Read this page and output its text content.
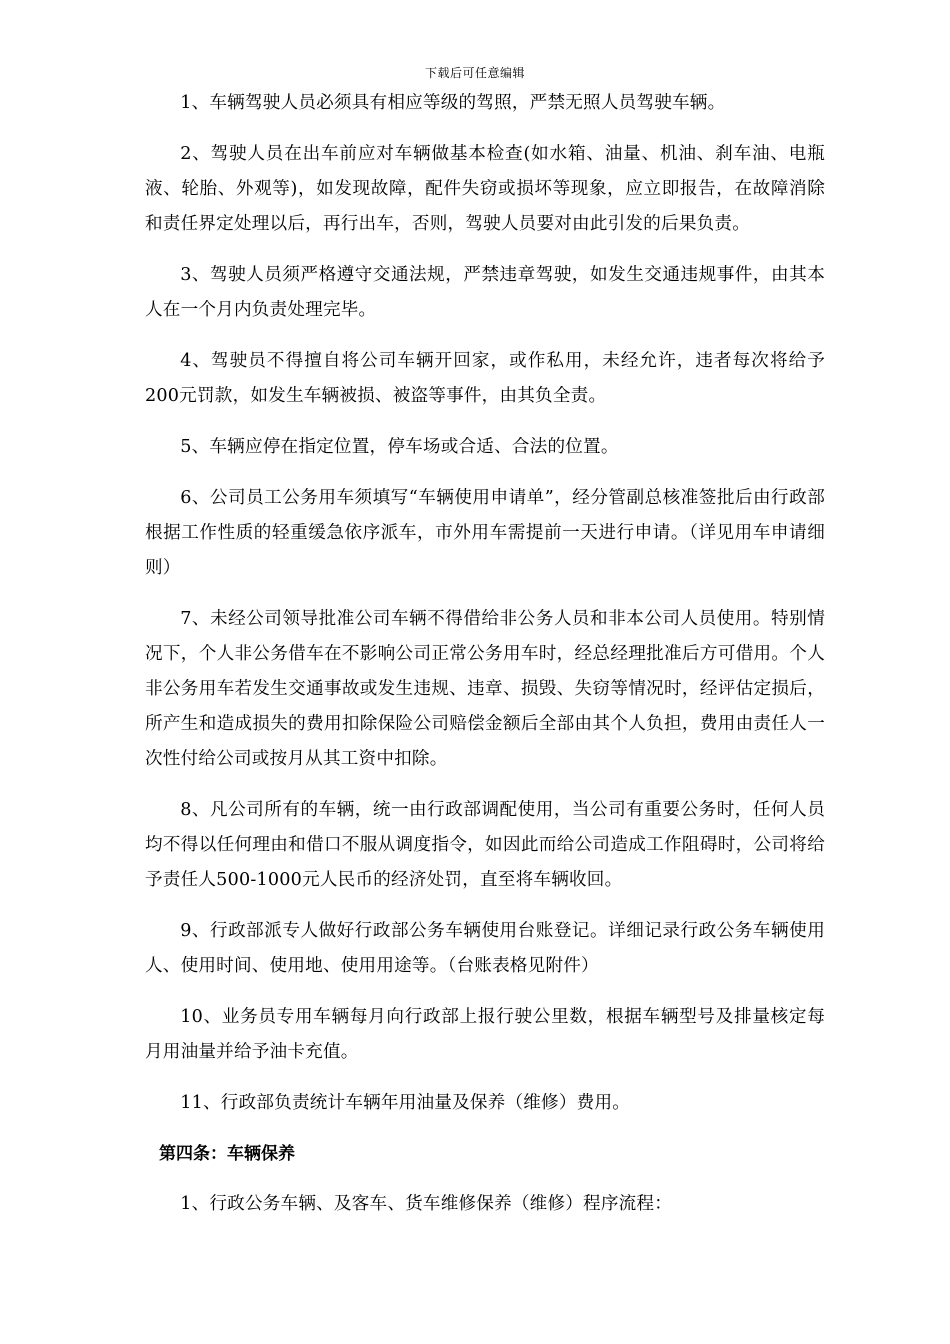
下载后可任意编辑

1、车辆驾驶人员必须具有相应等级的驾照，严禁无照人员驾驶车辆。

2、驾驶人员在出车前应对车辆做基本检查(如水箱、油量、机油、刹车油、电瓶液、轮胎、外观等)，如发现故障，配件失窃或损坏等现象，应立即报告，在故障消除和责任界定处理以后，再行出车，否则，驾驶人员要对由此引发的后果负责。

3、驾驶人员须严格遵守交通法规，严禁违章驾驶，如发生交通违规事件，由其本人在一个月内负责处理完毕。

4、驾驶员不得擅自将公司车辆开回家，或作私用，未经允许，违者每次将给予200元罚款，如发生车辆被损、被盗等事件，由其负全责。

5、车辆应停在指定位置，停车场或合适、合法的位置。

6、公司员工公务用车须填写“车辆使用申请单”，经分管副总核准签批后由行政部根据工作性质的轻重缓急依序派车，市外用车需提前一天进行申请。（详见用车申请细则）

7、未经公司领导批准公司车辆不得借给非公务人员和非本公司人员使用。特别情况下，个人非公务借车在不影响公司正常公务用车时，经总经理批准后方可借用。个人非公务用车若发生交通事故或发生违规、违章、损毁、失窃等情况时，经评估定损后，所产生和造成损失的费用扣除保险公司赔偿金额后全部由其个人负担，费用由责任人一次性付给公司或按月从其工资中扣除。

8、凡公司所有的车辆，统一由行政部调配使用，当公司有重要公务时，任何人员均不得以任何理由和借口不服从调度指令，如因此而给公司造成工作阻碍时，公司将给予责任人500-1000元人民币的经济处罚，直至将车辆收回。

9、行政部派专人做好行政部公务车辆使用台账登记。详细记录行政公务车辆使用人、使用时间、使用地、使用用途等。（台账表格见附件）

10、业务员专用车辆每月向行政部上报行驶公里数，根据车辆型号及排量核定每月用油量并给予油卡充值。

11、行政部负责统计车辆年用油量及保养（维修）费用。

第四条：车辆保养

1、行政公务车辆、及客车、货车维修保养（维修）程序流程：
